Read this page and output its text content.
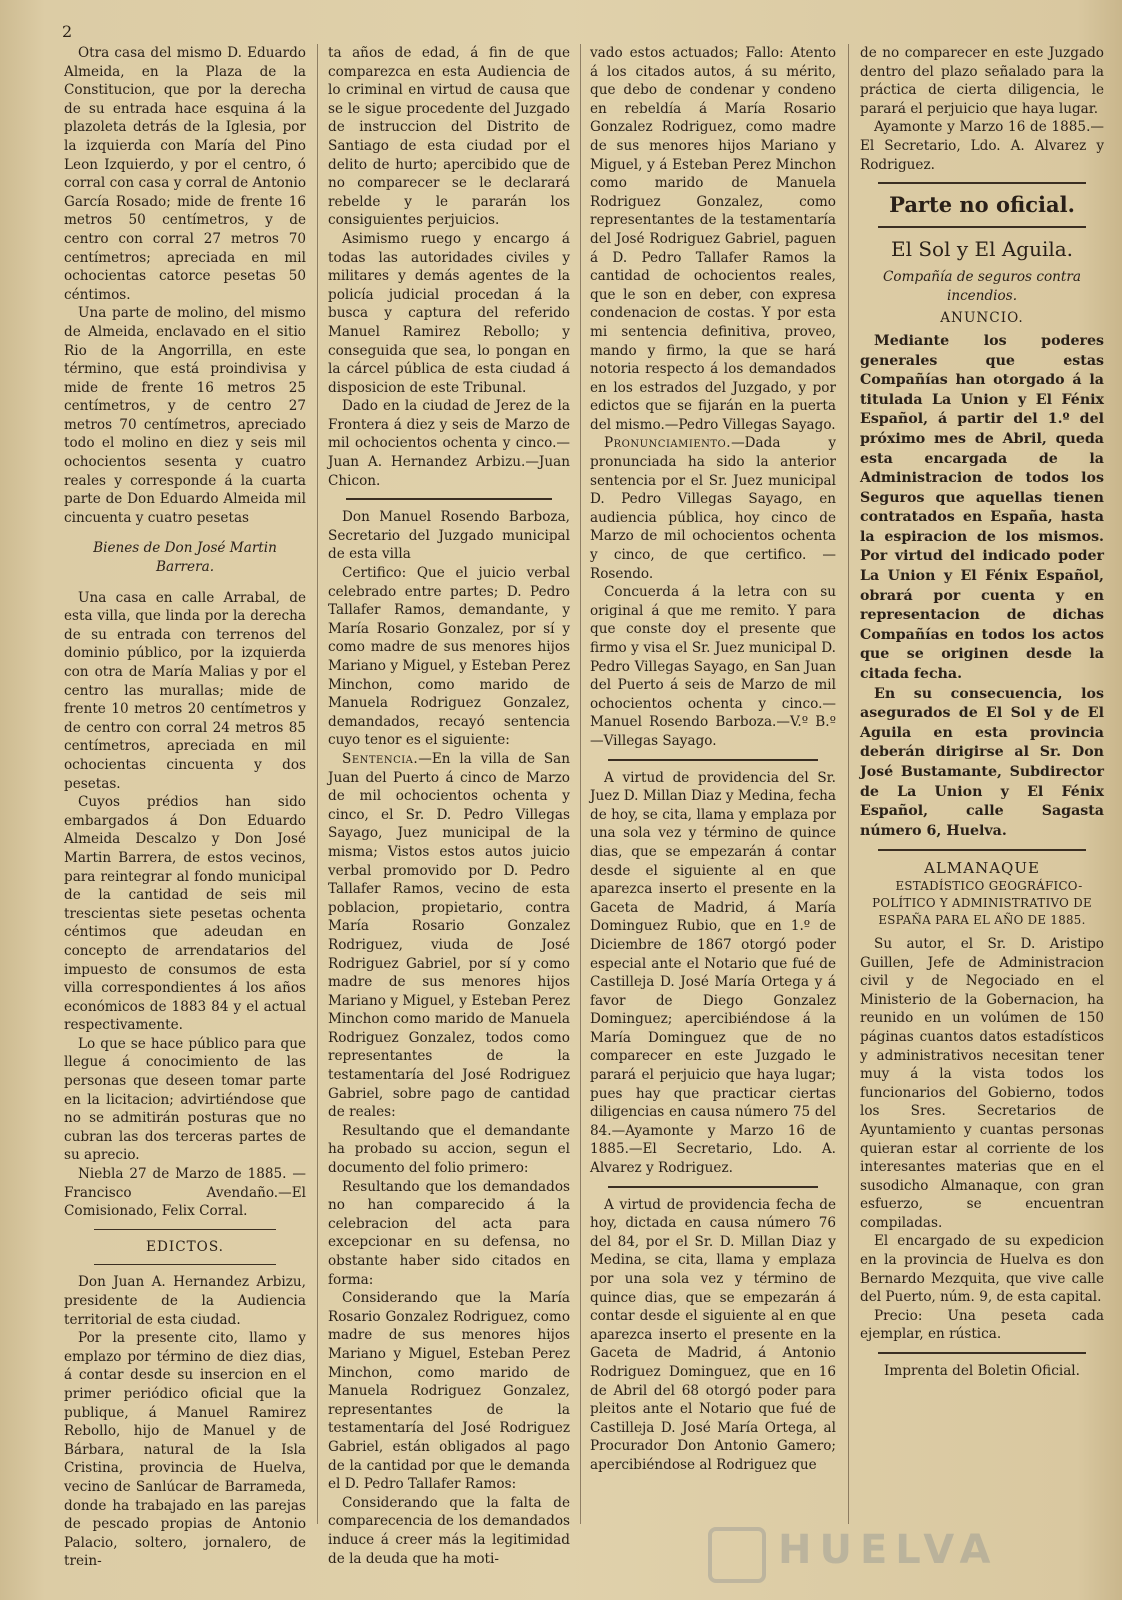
2

Otra casa del mismo D. Eduardo Almeida, en la Plaza de la Constitucion, que por la derecha de su entrada hace esquina á la plazoleta detrás de la Iglesia, por la izquierda con María del Pino Leon Izquierdo, y por el centro, ó corral con casa y corral de Antonio García Rosado; mide de frente 16 metros 50 centímetros, y de centro con corral 27 metros 70 centímetros; apreciada en mil ochocientas catorce pesetas 50 céntimos.

Una parte de molino, del mismo de Almeida, enclavado en el sitio Rio de la Angorrilla, en este término, que está proindivisa y mide de frente 16 metros 25 centímetros, y de centro 27 metros 70 centímetros, apreciado todo el molino en diez y seis mil ochocientos sesenta y cuatro reales y corresponde á la cuarta parte de Don Eduardo Almeida mil cincuenta y cuatro pesetas

Bienes de Don José Martin Barrera.

Una casa en calle Arrabal, de esta villa, que linda por la derecha de su entrada con terrenos del dominio público, por la izquierda con otra de María Malias y por el centro las murallas; mide de frente 10 metros 20 centímetros y de centro con corral 24 metros 85 centímetros, apreciada en mil ochocientas cincuenta y dos pesetas.

Cuyos prédios han sido embargados á Don Eduardo Almeida Descalzo y Don José Martin Barrera, de estos vecinos, para reintegrar al fondo municipal de la cantidad de seis mil trescientas siete pesetas ochenta céntimos que adeudan en concepto de arrendatarios del impuesto de consumos de esta villa correspondientes á los años económicos de 1883 84 y el actual respectivamente.

Lo que se hace público para que llegue á conocimiento de las personas que deseen tomar parte en la licitacion; advirtiéndose que no se admitirán posturas que no cubran las dos terceras partes de su aprecio.

Niebla 27 de Marzo de 1885. —Francisco Avendaño.—El Comisionado, Felix Corral.

EDICTOS.

Don Juan A. Hernandez Arbizu, presidente de la Audiencia territorial de esta ciudad.

Por la presente cito, llamo y emplazo por término de diez dias, á contar desde su insercion en el primer periódico oficial que la publique, á Manuel Ramirez Rebollo, hijo de Manuel y de Bárbara, natural de la Isla Cristina, provincia de Huelva, vecino de Sanlúcar de Barrameda, donde ha trabajado en las parejas de pescado propias de Antonio Palacio, soltero, jornalero, de trein-

ta años de edad, á fin de que comparezca en esta Audiencia de lo criminal en virtud de causa que se le sigue procedente del Juzgado de instruccion del Distrito de Santiago de esta ciudad por el delito de hurto; apercibido que de no comparecer se le declarará rebelde y le pararán los consiguientes perjuicios.

Asimismo ruego y encargo á todas las autoridades civiles y militares y demás agentes de la policía judicial procedan á la busca y captura del referido Manuel Ramirez Rebollo; y conseguida que sea, lo pongan en la cárcel pública de esta ciudad á disposicion de este Tribunal.

Dado en la ciudad de Jerez de la Frontera á diez y seis de Marzo de mil ochocientos ochenta y cinco.—Juan A. Hernandez Arbizu.—Juan Chicon.

Don Manuel Rosendo Barboza, Secretario del Juzgado municipal de esta villa

Certifico: Que el juicio verbal celebrado entre partes; D. Pedro Tallafer Ramos, demandante, y María Rosario Gonzalez, por sí y como madre de sus menores hijos Mariano y Miguel, y Esteban Perez Minchon, como marido de Manuela Rodriguez Gonzalez, demandados, recayó sentencia cuyo tenor es el siguiente:

Sentencia.—En la villa de San Juan del Puerto á cinco de Marzo de mil ochocientos ochenta y cinco, el Sr. D. Pedro Villegas Sayago, Juez municipal de la misma; Vistos estos autos juicio verbal promovido por D. Pedro Tallafer Ramos, vecino de esta poblacion, propietario, contra María Rosario Gonzalez Rodriguez, viuda de José Rodriguez Gabriel, por sí y como madre de sus menores hijos Mariano y Miguel, y Esteban Perez Minchon como marido de Manuela Rodriguez Gonzalez, todos como representantes de la testamentaría del José Rodriguez Gabriel, sobre pago de cantidad de reales:

Resultando que el demandante ha probado su accion, segun el documento del folio primero:

Resultando que los demandados no han comparecido á la celebracion del acta para excepcionar en su defensa, no obstante haber sido citados en forma:

Considerando que la María Rosario Gonzalez Rodriguez, como madre de sus menores hijos Mariano y Miguel, Esteban Perez Minchon, como marido de Manuela Rodriguez Gonzalez, representantes de la testamentaría del José Rodriguez Gabriel, están obligados al pago de la cantidad por que le demanda el D. Pedro Tallafer Ramos:

Considerando que la falta de comparecencia de los demandados induce á creer más la legitimidad de la deuda que ha moti-

vado estos actuados; Fallo: Atento á los citados autos, á su mérito, que debo de condenar y condeno en rebeldía á María Rosario Gonzalez Rodriguez, como madre de sus menores hijos Mariano y Miguel, y á Esteban Perez Minchon como marido de Manuela Rodriguez Gonzalez, como representantes de la testamentaría del José Rodriguez Gabriel, paguen á D. Pedro Tallafer Ramos la cantidad de ochocientos reales, que le son en deber, con expresa condenacion de costas. Y por esta mi sentencia definitiva, proveo, mando y firmo, la que se hará notoria respecto á los demandados en los estrados del Juzgado, y por edictos que se fijarán en la puerta del mismo.—Pedro Villegas Sayago.

Pronunciamiento.—Dada y pronunciada ha sido la anterior sentencia por el Sr. Juez municipal D. Pedro Villegas Sayago, en audiencia pública, hoy cinco de Marzo de mil ochocientos ochenta y cinco, de que certifico. —Rosendo.

Concuerda á la letra con su original á que me remito. Y para que conste doy el presente que firmo y visa el Sr. Juez municipal D. Pedro Villegas Sayago, en San Juan del Puerto á seis de Marzo de mil ochocientos ochenta y cinco.—Manuel Rosendo Barboza.—V.º B.º—Villegas Sayago.

A virtud de providencia del Sr. Juez D. Millan Diaz y Medina, fecha de hoy, se cita, llama y emplaza por una sola vez y término de quince dias, que se empezarán á contar desde el siguiente al en que aparezca inserto el presente en la Gaceta de Madrid, á María Dominguez Rubio, que en 1.º de Diciembre de 1867 otorgó poder especial ante el Notario que fué de Castilleja D. José María Ortega y á favor de Diego Gonzalez Dominguez; apercibiéndose á la María Dominguez que de no comparecer en este Juzgado le parará el perjuicio que haya lugar; pues hay que practicar ciertas diligencias en causa número 75 del 84.—Ayamonte y Marzo 16 de 1885.—El Secretario, Ldo. A. Alvarez y Rodriguez.

A virtud de providencia fecha de hoy, dictada en causa número 76 del 84, por el Sr. D. Millan Diaz y Medina, se cita, llama y emplaza por una sola vez y término de quince dias, que se empezarán á contar desde el siguiente al en que aparezca inserto el presente en la Gaceta de Madrid, á Antonio Rodriguez Dominguez, que en 16 de Abril del 68 otorgó poder para pleitos ante el Notario que fué de Castilleja D. José María Ortega, al Procurador Don Antonio Gamero; apercibiéndose al Rodriguez que

de no comparecer en este Juzgado dentro del plazo señalado para la práctica de cierta diligencia, le parará el perjuicio que haya lugar.

Ayamonte y Marzo 16 de 1885.—El Secretario, Ldo. A. Alvarez y Rodriguez.

Parte no oficial.
El Sol y El Aguila.

Compañía de seguros contra incendios.

ANUNCIO.

Mediante los poderes generales que estas Compañías han otorgado á la titulada La Union y El Fénix Español, á partir del 1.º del próximo mes de Abril, queda esta encargada de la Administracion de todos los Seguros que aquellas tienen contratados en España, hasta la espiracion de los mismos. Por virtud del indicado poder La Union y El Fénix Español, obrará por cuenta y en representacion de dichas Compañías en todos los actos que se originen desde la citada fecha.

En su consecuencia, los asegurados de El Sol y de El Aguila en esta provincia deberán dirigirse al Sr. Don José Bustamante, Subdirector de La Union y El Fénix Español, calle Sagasta número 6, Huelva.

ALMANAQUE

ESTADÍSTICO GEOGRÁFICO-POLÍTICO Y ADMINISTRATIVO DE ESPAÑA PARA EL AÑO DE 1885.

Su autor, el Sr. D. Aristipo Guillen, Jefe de Administracion civil y de Negociado en el Ministerio de la Gobernacion, ha reunido en un volúmen de 150 páginas cuantos datos estadísticos y administrativos necesitan tener muy á la vista todos los funcionarios del Gobierno, todos los Sres. Secretarios de Ayuntamiento y cuantas personas quieran estar al corriente de los interesantes materias que en el susodicho Almanaque, con gran esfuerzo, se encuentran compiladas.

El encargado de su expedicion en la provincia de Huelva es don Bernardo Mezquita, que vive calle del Puerto, núm. 9, de esta capital.

Precio: Una peseta cada ejemplar, en rústica.

Imprenta del Boletin Oficial.

HUELVA
